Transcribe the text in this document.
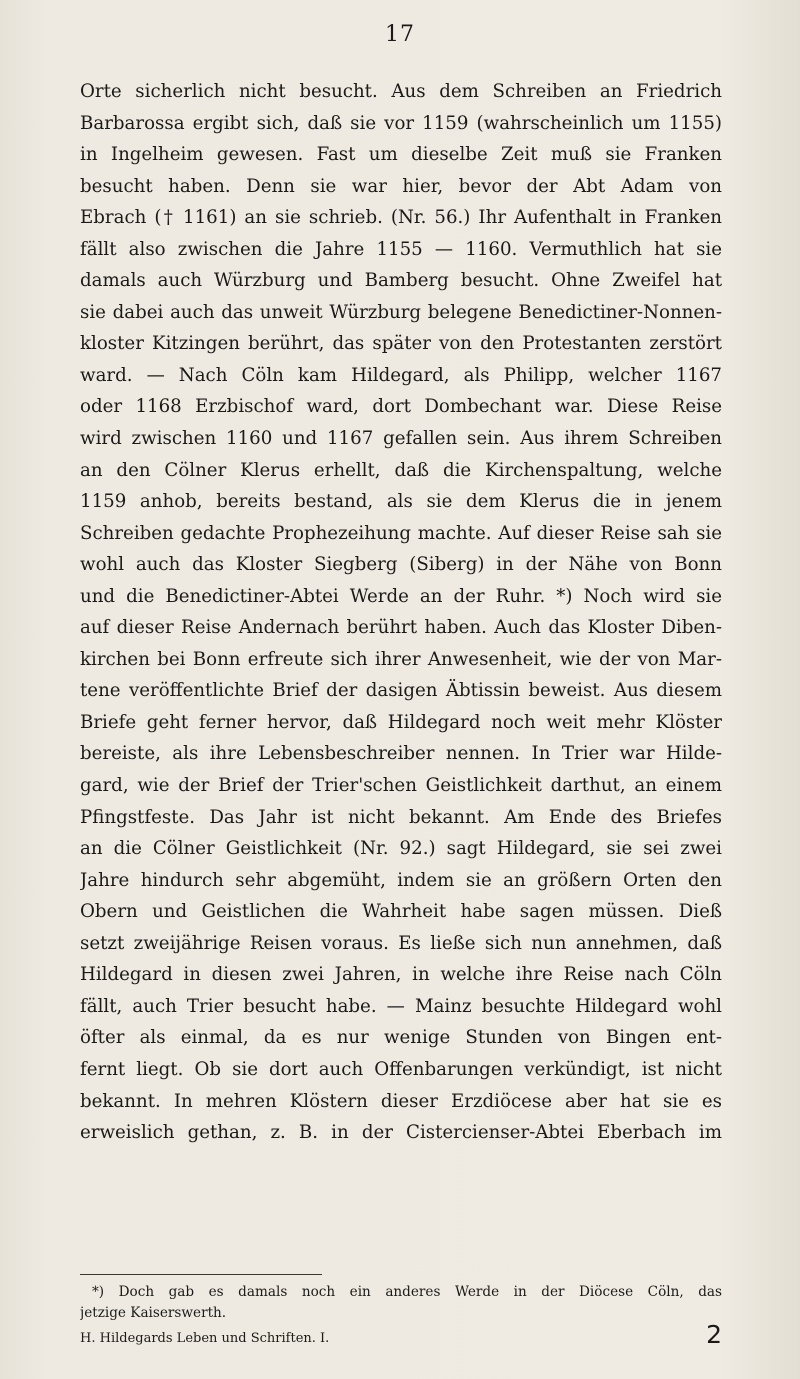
17
Orte sicherlich nicht besucht. Aus dem Schreiben an Friedrich
Barbarossa ergibt sich, daß sie vor 1159 (wahrscheinlich um 1155)
in Ingelheim gewesen. Fast um dieselbe Zeit muß sie Franken
besucht haben. Denn sie war hier, bevor der Abt Adam von
Ebrach († 1161) an sie schrieb. (Nr. 56.) Ihr Aufenthalt in Franken
fällt also zwischen die Jahre 1155 — 1160. Vermuthlich hat sie
damals auch Würzburg und Bamberg besucht. Ohne Zweifel hat
sie dabei auch das unweit Würzburg belegene Benedictiner-Nonnen-
kloster Kitzingen berührt, das später von den Protestanten zerstört
ward. — Nach Cöln kam Hildegard, als Philipp, welcher 1167
oder 1168 Erzbischof ward, dort Dombechant war. Diese Reise
wird zwischen 1160 und 1167 gefallen sein. Aus ihrem Schreiben
an den Cölner Klerus erhellt, daß die Kirchenspaltung, welche
1159 anhob, bereits bestand, als sie dem Klerus die in jenem
Schreiben gedachte Prophezeihung machte. Auf dieser Reise sah sie
wohl auch das Kloster Siegberg (Siberg) in der Nähe von Bonn
und die Benedictiner-Abtei Werde an der Ruhr. *) Noch wird sie
auf dieser Reise Andernach berührt haben. Auch das Kloster Diben-
kirchen bei Bonn erfreute sich ihrer Anwesenheit, wie der von Mar-
tene veröffentlichte Brief der dasigen Äbtissin beweist. Aus diesem
Briefe geht ferner hervor, daß Hildegard noch weit mehr Klöster
bereiste, als ihre Lebensbeschreiber nennen. In Trier war Hilde-
gard, wie der Brief der Trier'schen Geistlichkeit darthut, an einem
Pfingstfeste. Das Jahr ist nicht bekannt. Am Ende des Briefes
an die Cölner Geistlichkeit (Nr. 92.) sagt Hildegard, sie sei zwei
Jahre hindurch sehr abgemüht, indem sie an größern Orten den
Obern und Geistlichen die Wahrheit habe sagen müssen. Dieß
setzt zweijährige Reisen voraus. Es ließe sich nun annehmen, daß
Hildegard in diesen zwei Jahren, in welche ihre Reise nach Cöln
fällt, auch Trier besucht habe. — Mainz besuchte Hildegard wohl
öfter als einmal, da es nur wenige Stunden von Bingen ent-
fernt liegt. Ob sie dort auch Offenbarungen verkündigt, ist nicht
bekannt. In mehren Klöstern dieser Erzdiöcese aber hat sie es
erweislich gethan, z. B. in der Cistercienser-Abtei Eberbach im
*) Doch gab es damals noch ein anderes Werde in der Diöcese Cöln, das
jetzige Kaiserswerth.
H. Hildegards Leben und Schriften. I.	2
